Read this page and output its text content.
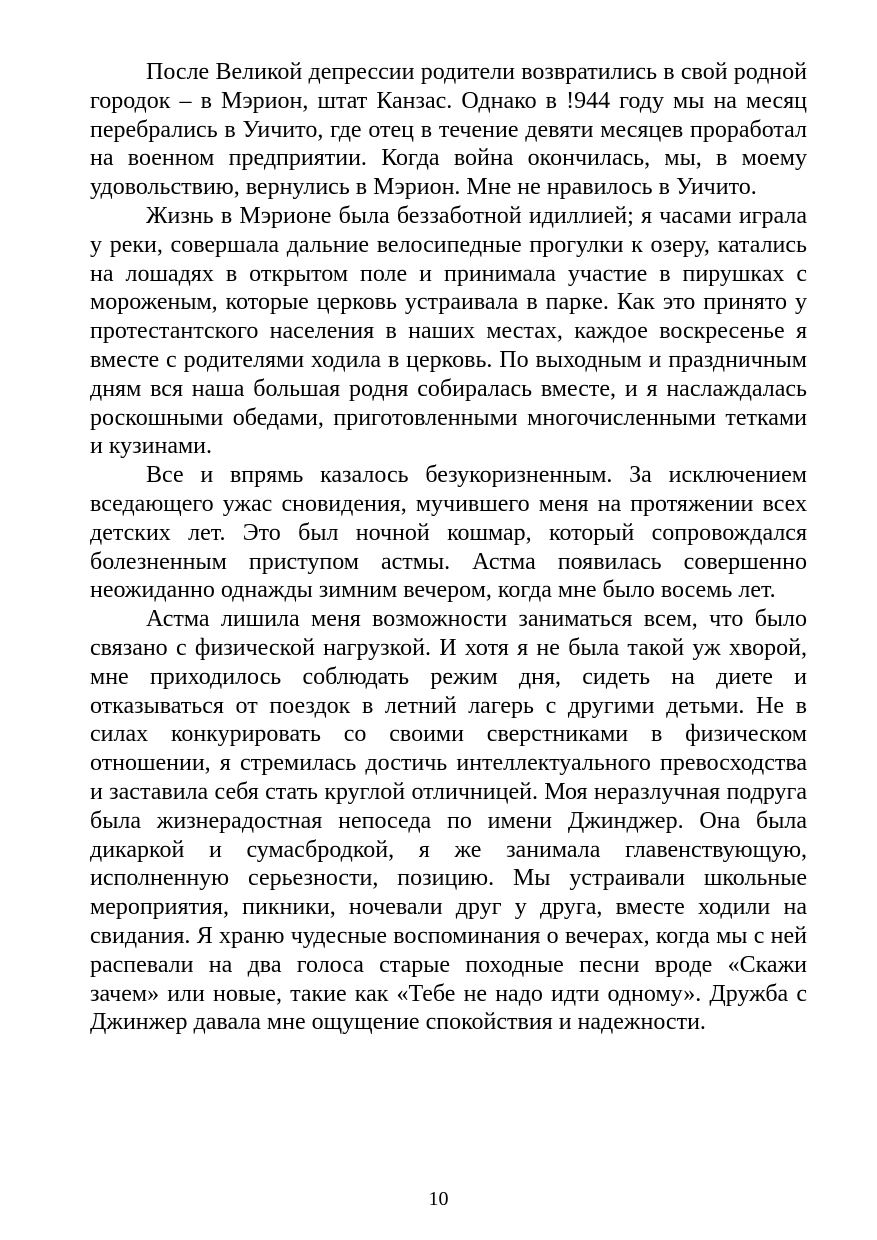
После Великой депрессии родители возвратились в свой родной городок – в Мэрион, штат Канзас. Однако в !944 году мы на месяц перебрались в Уичито, где отец в течение девяти месяцев проработал на военном предприятии. Когда война окончилась, мы, в моему удовольствию, вернулись в Мэрион. Мне не нравилось в Уичито.

Жизнь в Мэрионе была беззаботной идиллией; я часами играла у реки, совершала дальние велосипедные прогулки к озеру, катались на лошадях в открытом поле и принимала участие в пирушках с мороженым, которые церковь устраивала в парке. Как это принято у протестантского населения в наших местах, каждое воскресенье я вместе с родителями ходила в церковь. По выходным и праздничным дням вся наша большая родня собиралась вместе, и я наслаждалась роскошными обедами, приготовленными многочисленными тетками и кузинами.

Все и впрямь казалось безукоризненным. За исключением вседающего ужас сновидения, мучившего меня на протяжении всех детских лет. Это был ночной кошмар, который сопровождался болезненным приступом астмы. Астма появилась совершенно неожиданно однажды зимним вечером, когда мне было восемь лет.

Астма лишила меня возможности заниматься всем, что было связано с физической нагрузкой. И хотя я не была такой уж хворой, мне приходилось соблюдать режим дня, сидеть на диете и отказываться от поездок в летний лагерь с другими детьми. Не в силах конкурировать со своими сверстниками в физическом отношении, я стремилась достичь интеллектуального превосходства и заставила себя стать круглой отличницей. Моя неразлучная подруга была жизнерадостная непоседа по имени Джинджер. Она была дикаркой и сумасбродкой, я же занимала главенствующую, исполненную серьезности, позицию. Мы устраивали школьные мероприятия, пикники, ночевали друг у друга, вместе ходили на свидания. Я храню чудесные воспоминания о вечерах, когда мы с ней распевали на два голоса старые походные песни вроде «Скажи зачем» или новые, такие как «Тебе не надо идти одному». Дружба с Джинжер давала мне ощущение спокойствия и надежности.

10
